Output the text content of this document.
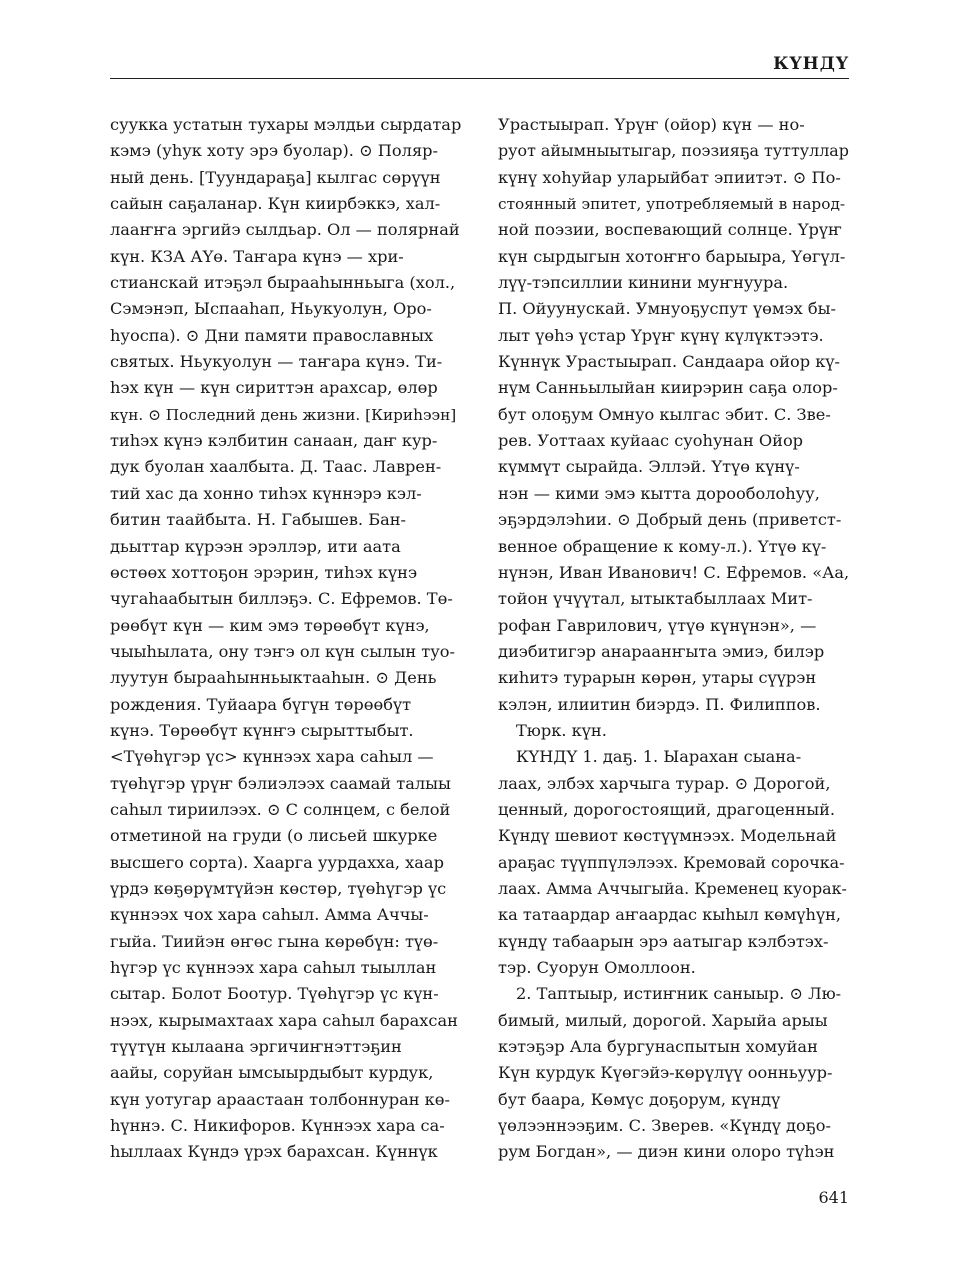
КҮНДҮ
суукка устатын тухары мэлдьи сырдатар
кэмэ (уһук хоту эрэ буолар). ⊙ Поляр-
ный день. [Туундараҕа] кылгас сөрүүн
сайын саҕаланар. Күн киирбэккэ, хал-
лааҥҥа эргийэ сылдьар. Ол — полярнай
күн. КЗА АҮө. Таҥара күнэ — хри-
стианскай итэҕэл бырааһынньыга (хол.,
Сэмэнэп, Ыспааһап, Ньукуолун, Оро-
һуоспа). ⊙ Дни памяти православных
святых. Ньукуолун — таҥара күнэ. Ти-
һэх күн — күн сириттэн арахсар, өлөр
күн. ⊙ Последний день жизни. [Кириһээн]
тиһэх күнэ кэлбитин санаан, даҥ кур-
дук буолан хаалбыта. Д. Таас. Лаврен-
тий хас да хонно тиһэх күннэрэ кэл-
битин таайбыта. Н. Габышев. Бан-
дьыттар күрээн эрэллэр, ити аата
өстөөх хоттоҕон эрэрин, тиһэх күнэ
чугаһаабытын биллэҕэ. С. Ефремов. Тө-
рөөбүт күн — ким эмэ төрөөбүт күнэ,
чыыһылата, ону тэҥэ ол күн сылын туо-
луутун бырааһынньыктааһын. ⊙ День
рождения. Туйаара бүгүн төрөөбүт
күнэ. Төрөөбүт күнҥэ сырыттыбыт.
<Түөһүгэр үс> күннээх хара саһыл —
түөһүгэр үрүҥ бэлиэлээх саамай талыы
саһыл тириилээх. ⊙ С солнцем, с белой
отметиной на груди (о лисьей шкурке
высшего сорта). Хаарга уурдахха, хаар
үрдэ көҕөрүмтүйэн көстөр, түөһүгэр үс
күннээх чох хара саһыл. Амма Аччы-
гыйа. Тиийэн өҥөс гына көрөбүн: түө-
һүгэр үс күннээх хара саһыл тыыллан
сытар. Болот Боотур. Түөһүгэр үс күн-
нээх, кырымахтаах хара саһыл барахсан
түүтүн кылаана эргичиҥнэттэҕин
аайы, соруйан ымсыырдыбыт курдук,
күн уотугар араастаан толбоннуран кө-
һүннэ. С. Никифоров. Күннээх хара са-
һыллаах Күндэ үрэх барахсан. Күннүк
Урастыырап. Үрүҥ (ойор) күн — но-
руот айымныытыгар, поэзияҕа туттуллар
күнү хоһуйар уларыйбат эпиитэт. ⊙ По-
стоянный эпитет, употребляемый в народ-
ной поэзии, воспевающий солнце. Үрүҥ
күн сырдыгын хотоҥҥо барыыра, Үөгүл-
лүү-тэпсиллии кинини муҥнуура.
П. Ойуунускай. Умнуоҕуспут үөмэх бы-
лыт үөһэ үстар Үрүҥ күнү күлүктээтэ.
Күннүк Урастыырап. Сандаара ойор кү-
нүм Санньылыйан киирэрин саҕа олор-
бут олоҕум Омнуо кылгас эбит. С. Зве-
рев. Уоттаах куйаас суоһунан Ойор
күммүт сырайда. Эллэй. Үтүө күнү-
нэн — кими эмэ кытта дорооболоһуу,
эҕэрдэлэһии. ⊙ Добрый день (приветст-
венное обращение к кому-л.). Үтүө кү-
нүнэн, Иван Иванович! С. Ефремов. «Аа,
тойон үчүүтал, ытыктабыллаах Мит-
рофан Гаврилович, үтүө күнүнэн», —
диэбитигэр анараанҥыта эмиэ, билэр
киһитэ турарын көрөн, утары сүүрэн
кэлэн, илиитин биэрдэ. П. Филиппов.
Тюрк. күн.
КҮНДҮ 1. даҕ. 1. Ыарахан сыана-
лаах, элбэх харчыга турар. ⊙ Дорогой,
ценный, дорогостоящий, драгоценный.
Күндү шевиот көстүүмнээх. Модельнай
араҕас түүппүлэлээх. Кремовай сорочка-
лаах. Амма Аччыгыйа. Кременец куорак-
ка татаардар аҥаардас кыһыл көмүһүн,
күндү табаарын эрэ аатыгар кэлбэтэх-
тэр. Суорун Омоллоон.
2. Таптыыр, истиҥник саныыр. ⊙ Лю-
бимый, милый, дорогой. Харыйа арыы
кэтэҕэр Ала бургунаспытын хомуйан
Күн курдук Күөгэйэ-көрүлүү оонньуур-
бут баара, Көмүс доҕорум, күндү
үөлээннээҕим. С. Зверев. «Күндү доҕо-
рум Богдан», — диэн кини олоро түһэн
641
